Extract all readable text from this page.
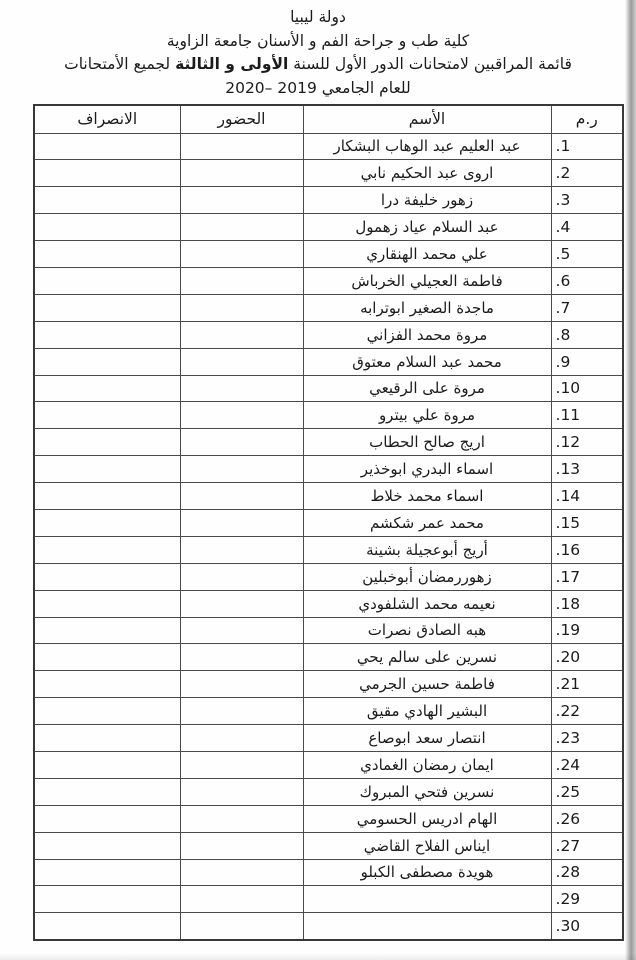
دولة ليبيا
كلية طب و جراحة الفم و الأسنان جامعة الزاوية
قائمة المراقبين لامتحانات الدور الأول للسنة الأولى و الثالثة لجميع الأمتحانات
للعام الجامعي 2019 –2020
ر.م	الأسم	الحضور	الانصراف
1.	عبد العليم عبد الوهاب البشكار		
2.	اروى عبد الحكيم نابي		
3.	زهور خليفة درا		
4.	عبد السلام عياد زهمول		
5.	علي محمد الهنقاري		
6.	فاطمة العجيلي الخرباش		
7.	ماجدة الصغير ابوترابه		
8.	مروة محمد الفزاني		
9.	محمد عبد السلام معتوق		
10.	مروة على الرقيعي		
11.	مروة علي بيترو		
12.	اريج صالح الحطاب		
13.	اسماء البدري ابوخذير		
14.	اسماء محمد خلاط		
15.	محمد عمر شكشم		
16.	أريج أبوعجيلة بشينة		
17.	زهوررمضان أبوخبلين		
18.	نعيمه محمد الشلفودي		
19.	هبه الصادق نصرات		
20.	نسرين على سالم يحي		
21.	فاطمة حسين الجرمي		
22.	البشير الهادي مقيق		
23.	انتصار سعد ابوصاع		
24.	ايمان رمضان الغمادي		
25.	نسرين فتحي المبروك		
26.	الهام ادريس الحسومي		
27.	ايناس الفلاح القاضي		
28.	هويدة مصطفى الكبلو		
29.			
30.			
